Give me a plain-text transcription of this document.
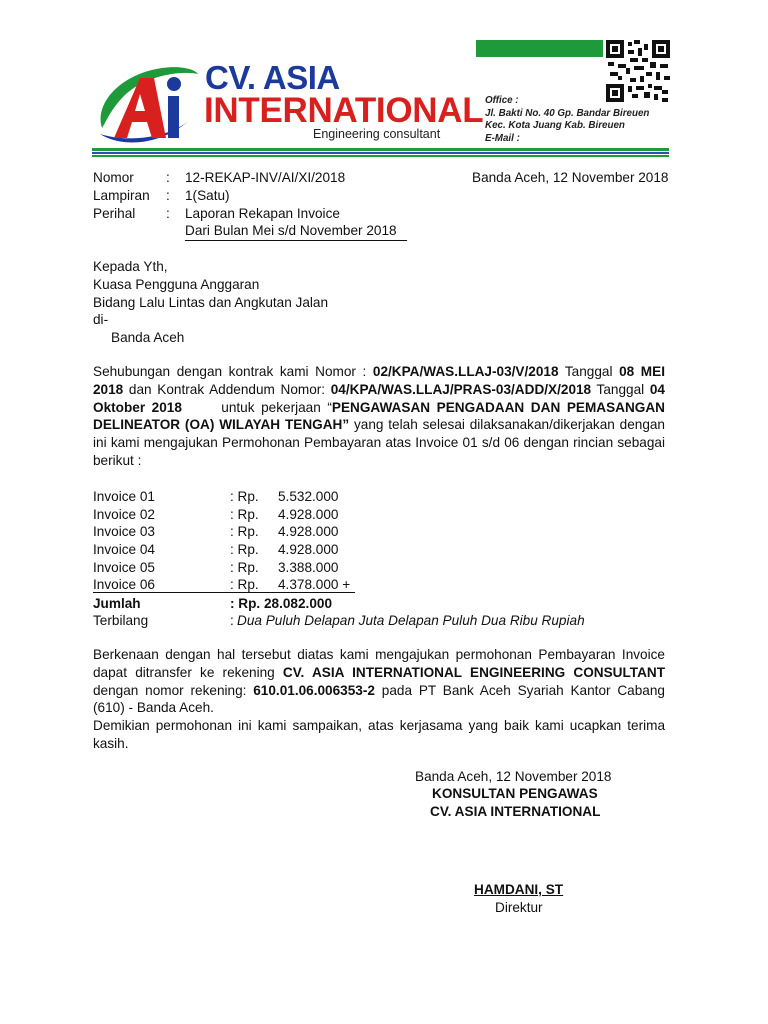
CV. ASIA
INTERNATIONAL
Engineering consultant
Office :
Jl. Bakti No. 40 Gp. Bandar Bireuen
Kec. Kota Juang Kab. Bireuen
E-Mail :
Nomor : 12-REKAP-INV/AI/XI/2018	Banda Aceh, 12 November 2018
Lampiran : 1(Satu)
Perihal : Laporan Rekapan Invoice
Dari Bulan Mei s/d November 2018
Kepada Yth,
Kuasa Pengguna Anggaran
Bidang Lalu Lintas dan Angkutan Jalan
di-
Banda Aceh
Sehubungan dengan kontrak kami Nomor : 02/KPA/WAS.LLAJ-03/V/2018 Tanggal 08 MEI 2018 dan Kontrak Addendum Nomor: 04/KPA/WAS.LLAJ/PRAS-03/ADD/X/2018 Tanggal 04 Oktober 2018      untuk pekerjaan “PENGAWASAN PENGADAAN DAN PEMASANGAN DELINEATOR (OA) WILAYAH TENGAH” yang telah selesai dilaksanakan/dikerjakan dengan ini kami mengajukan Permohonan Pembayaran atas Invoice 01 s/d 06 dengan rincian sebagai berikut :
Invoice 01	: Rp. 5.532.000
Invoice 02	: Rp. 4.928.000
Invoice 03	: Rp. 4.928.000
Invoice 04	: Rp. 4.928.000
Invoice 05	: Rp. 3.388.000
Invoice 06	: Rp. 4.378.000 +
Jumlah	: Rp. 28.082.000
Terbilang	: Dua Puluh Delapan Juta Delapan Puluh Dua Ribu Rupiah
Berkenaan dengan hal tersebut diatas kami mengajukan permohonan Pembayaran Invoice dapat ditransfer ke rekening CV. ASIA INTERNATIONAL ENGINEERING CONSULTANT dengan nomor rekening: 610.01.06.006353-2 pada PT Bank Aceh Syariah Kantor Cabang (610) - Banda Aceh.
Demikian permohonan ini kami sampaikan, atas kerjasama yang baik kami ucapkan terima kasih.
Banda Aceh, 12 November 2018
KONSULTAN PENGAWAS
CV. ASIA INTERNATIONAL
HAMDANI, ST
Direktur
